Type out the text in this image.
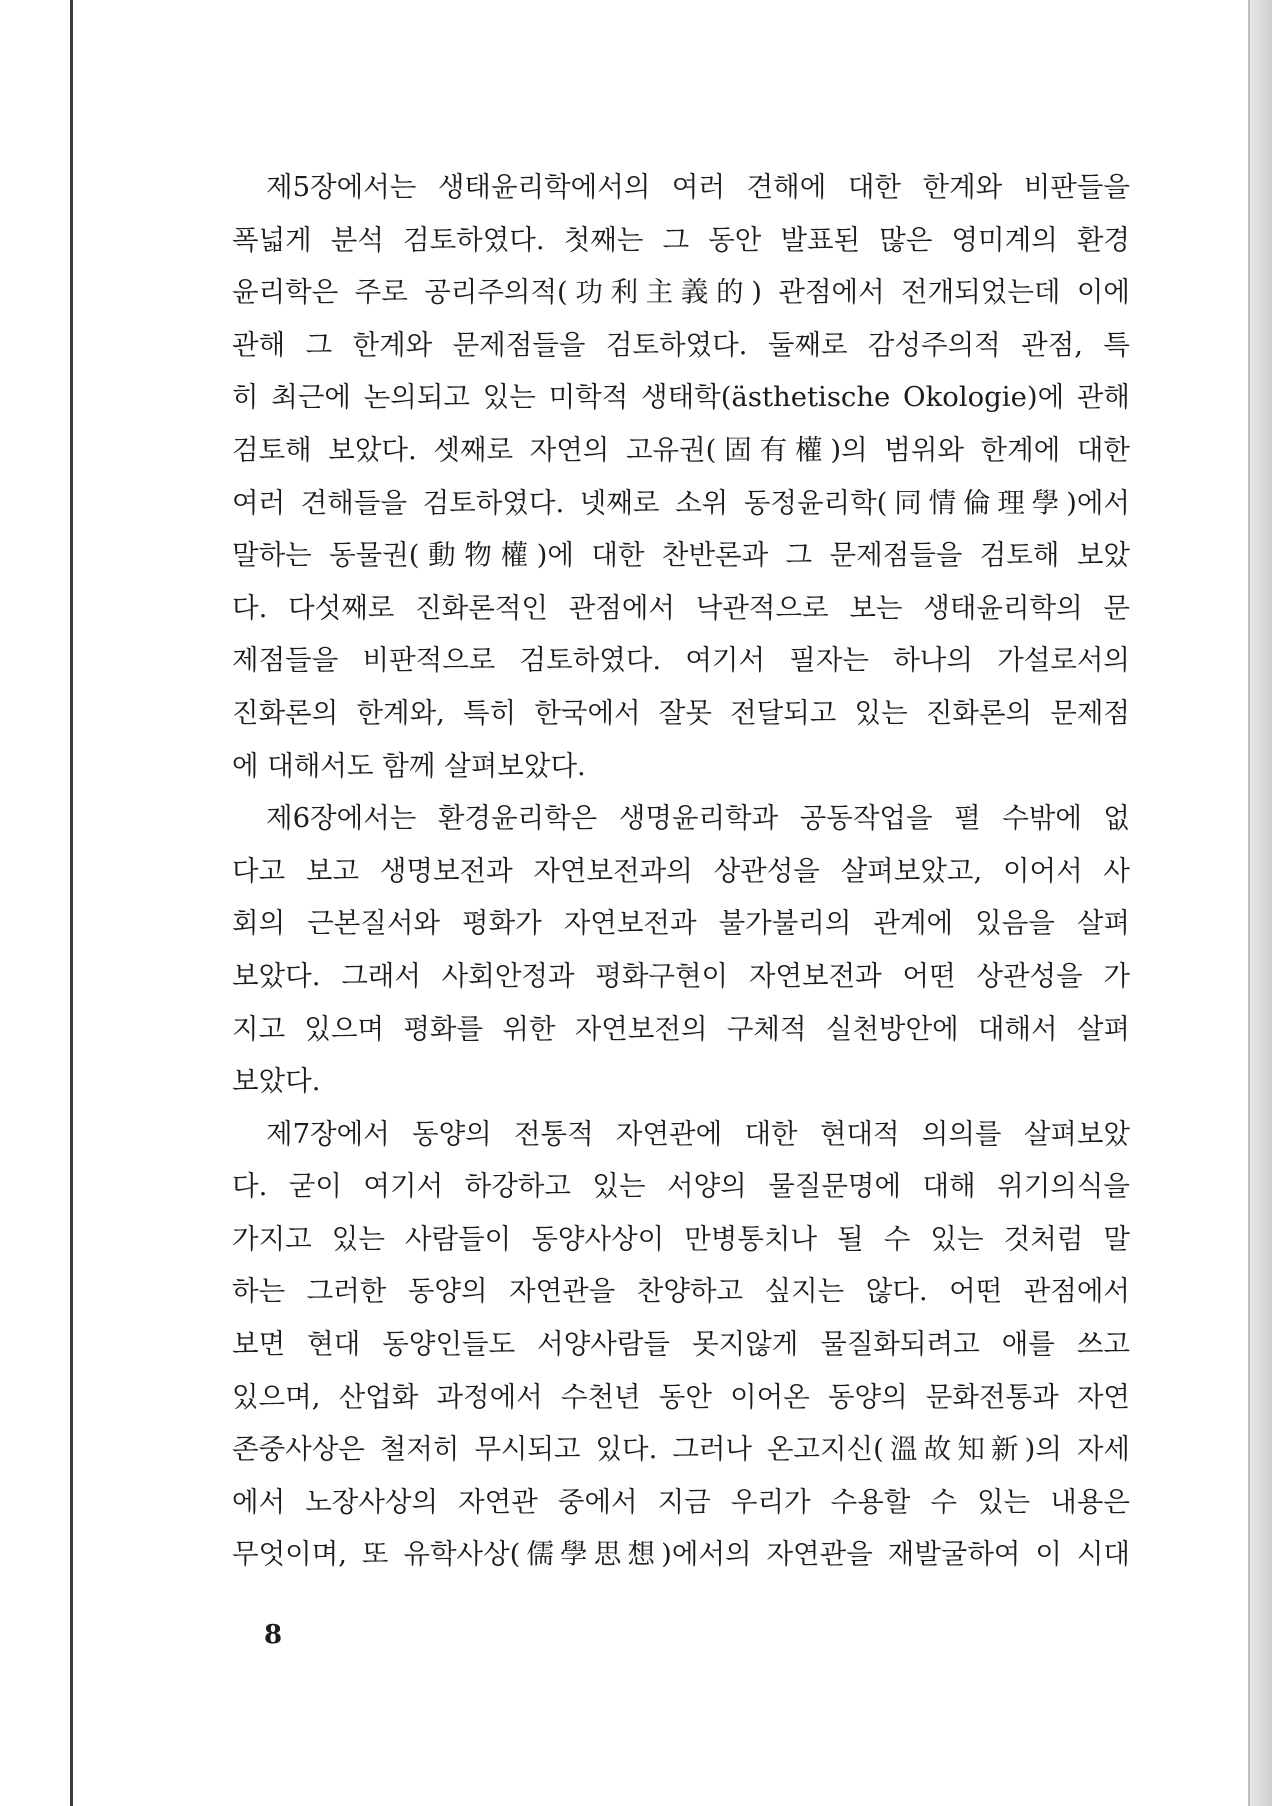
제5장에서는 생태윤리학에서의 여러 견해에 대한 한계와 비판들을
폭넓게 분석 검토하였다. 첫째는 그 동안 발표된 많은 영미계의 환경
윤리학은 주로 공리주의적(功利主義的) 관점에서 전개되었는데 이에
관해 그 한계와 문제점들을 검토하였다. 둘째로 감성주의적 관점, 특
히 최근에 논의되고 있는 미학적 생태학(ästhetische Okologie)에 관해
검토해 보았다. 셋째로 자연의 고유권(固有權)의 범위와 한계에 대한
여러 견해들을 검토하였다. 넷째로 소위 동정윤리학(同情倫理學)에서
말하는 동물권(動物權)에 대한 찬반론과 그 문제점들을 검토해 보았
다. 다섯째로 진화론적인 관점에서 낙관적으로 보는 생태윤리학의 문
제점들을 비판적으로 검토하였다. 여기서 필자는 하나의 가설로서의
진화론의 한계와, 특히 한국에서 잘못 전달되고 있는 진화론의 문제점
에 대해서도 함께 살펴보았다.
제6장에서는 환경윤리학은 생명윤리학과 공동작업을 펼 수밖에 없
다고 보고 생명보전과 자연보전과의 상관성을 살펴보았고, 이어서 사
회의 근본질서와 평화가 자연보전과 불가불리의 관계에 있음을 살펴
보았다. 그래서 사회안정과 평화구현이 자연보전과 어떤 상관성을 가
지고 있으며 평화를 위한 자연보전의 구체적 실천방안에 대해서 살펴
보았다.
제7장에서 동양의 전통적 자연관에 대한 현대적 의의를 살펴보았
다. 굳이 여기서 하강하고 있는 서양의 물질문명에 대해 위기의식을
가지고 있는 사람들이 동양사상이 만병통치나 될 수 있는 것처럼 말
하는 그러한 동양의 자연관을 찬양하고 싶지는 않다. 어떤 관점에서
보면 현대 동양인들도 서양사람들 못지않게 물질화되려고 애를 쓰고
있으며, 산업화 과정에서 수천년 동안 이어온 동양의 문화전통과 자연
존중사상은 철저히 무시되고 있다. 그러나 온고지신(溫故知新)의 자세
에서 노장사상의 자연관 중에서 지금 우리가 수용할 수 있는 내용은
무엇이며, 또 유학사상(儒學思想)에서의 자연관을 재발굴하여 이 시대
8
